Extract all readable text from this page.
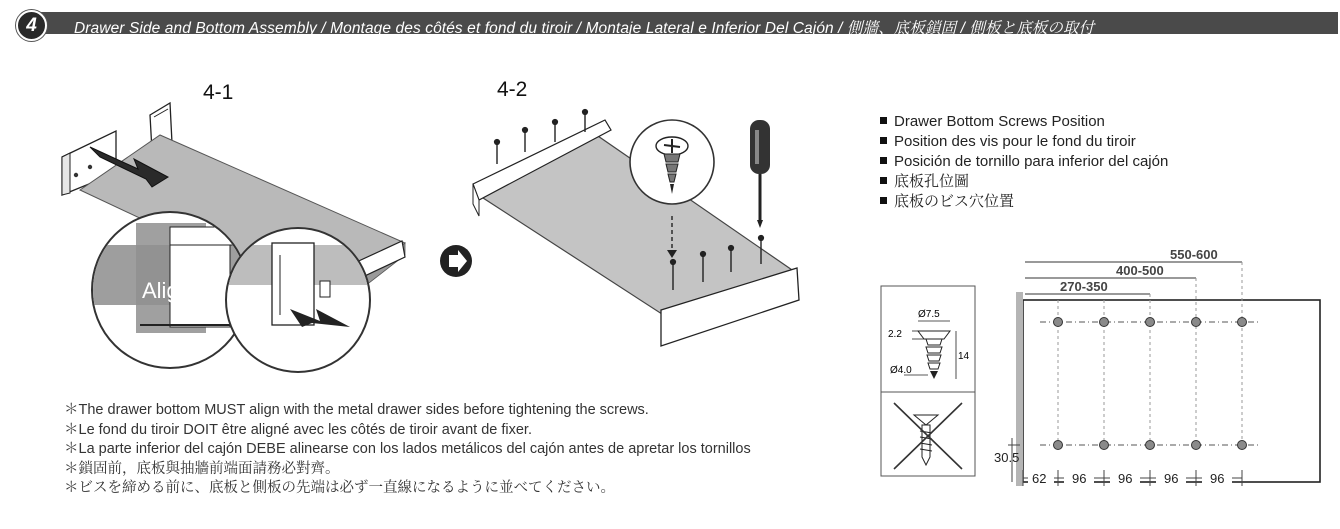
Drawer Side and Bottom Assembly / Montage des côtés et fond du tiroir / Montaje Lateral e Inferior Del Cajón / 側牆、底板鎖固 / 側板と底板の取付
4
4-1	4-2
Align
Drawer Bottom Screws Position
Position des vis pour le fond du tiroir
Posición de tornillo para inferior del cajón
底板孔位圖
底板のビス穴位置
Ø7.5
2.2
14
Ø4.0
550-600
400-500
270-350
30.5
62 96 96 96 96
＊The drawer bottom MUST align with the metal drawer sides before tightening the screws.
＊Le fond du tiroir DOIT être aligné avec les côtés de tiroir avant de fixer.
＊La parte inferior del cajón DEBE alinearse con los lados metálicos del cajón antes de apretar los tornillos
＊鎖固前，底板與抽牆前端面請務必對齊。
＊ビスを締める前に、底板と側板の先端は必ず一直線になるように並べてください。
